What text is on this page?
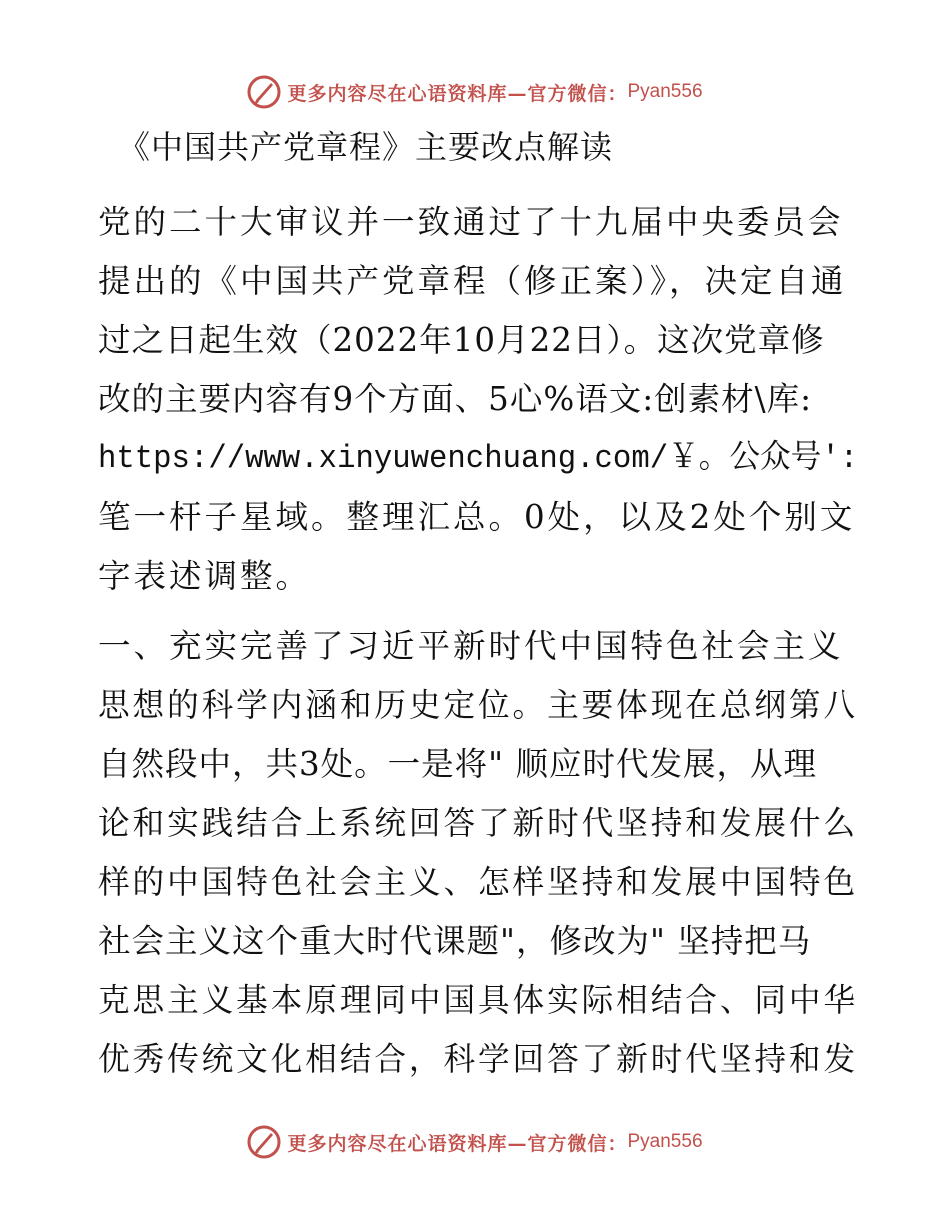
更多内容尽在心语资料库—官方微信： Pyan556
《中国共产党章程》主要改点解读
党的二十大审议并一致通过了十九届中央委员会
提出的《中国共产党章程（修正案）》，决定自通
过之日起生效（2022年10月22日）。这次党章修
改的主要内容有9个方面、5心%语文:创素材\库:
https://www.xinyuwenchuang.com/￥。公众号′:
笔一杆子星域。整理汇总。0处，以及2处个别文
字表述调整。
一、充实完善了习近平新时代中国特色社会主义
思想的科学内涵和历史定位。主要体现在总纲第八
自然段中，共3处。一是将" 顺应时代发展，从理
论和实践结合上系统回答了新时代坚持和发展什么
样的中国特色社会主义、怎样坚持和发展中国特色
社会主义这个重大时代课题"，修改为" 坚持把马
克思主义基本原理同中国具体实际相结合、同中华
优秀传统文化相结合，科学回答了新时代坚持和发
更多内容尽在心语资料库—官方微信： Pyan556
